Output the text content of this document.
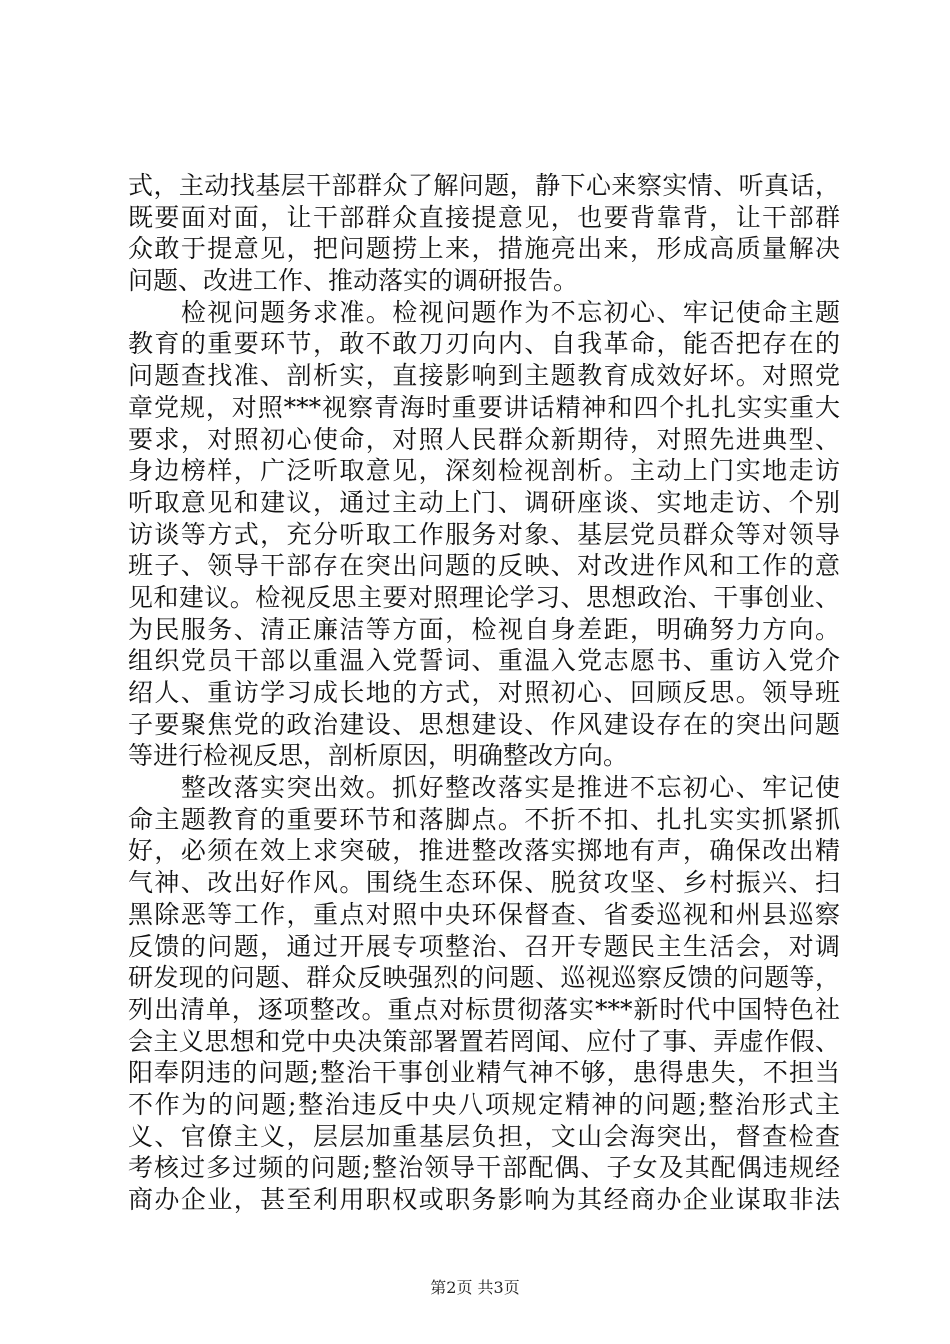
式，主动找基层干部群众了解问题，静下心来察实情、听真话，
既要面对面，让干部群众直接提意见，也要背靠背，让干部群
众敢于提意见，把问题捞上来，措施亮出来，形成高质量解决
问题、改进工作、推动落实的调研报告。
　　检视问题务求准。检视问题作为不忘初心、牢记使命主题
教育的重要环节，敢不敢刀刃向内、自我革命，能否把存在的
问题查找准、剖析实，直接影响到主题教育成效好坏。对照党
章党规，对照***视察青海时重要讲话精神和四个扎扎实实重大
要求，对照初心使命，对照人民群众新期待，对照先进典型、
身边榜样，广泛听取意见，深刻检视剖析。主动上门实地走访
听取意见和建议，通过主动上门、调研座谈、实地走访、个别
访谈等方式，充分听取工作服务对象、基层党员群众等对领导
班子、领导干部存在突出问题的反映、对改进作风和工作的意
见和建议。检视反思主要对照理论学习、思想政治、干事创业、
为民服务、清正廉洁等方面，检视自身差距，明确努力方向。
组织党员干部以重温入党誓词、重温入党志愿书、重访入党介
绍人、重访学习成长地的方式，对照初心、回顾反思。领导班
子要聚焦党的政治建设、思想建设、作风建设存在的突出问题
等进行检视反思，剖析原因，明确整改方向。
　　整改落实突出效。抓好整改落实是推进不忘初心、牢记使
命主题教育的重要环节和落脚点。不折不扣、扎扎实实抓紧抓
好，必须在效上求突破，推进整改落实掷地有声，确保改出精
气神、改出好作风。围绕生态环保、脱贫攻坚、乡村振兴、扫
黑除恶等工作，重点对照中央环保督查、省委巡视和州县巡察
反馈的问题，通过开展专项整治、召开专题民主生活会，对调
研发现的问题、群众反映强烈的问题、巡视巡察反馈的问题等，
列出清单，逐项整改。重点对标贯彻落实***新时代中国特色社
会主义思想和党中央决策部署置若罔闻、应付了事、弄虚作假、
阳奉阴违的问题;整治干事创业精气神不够，患得患失，不担当
不作为的问题;整治违反中央八项规定精神的问题;整治形式主
义、官僚主义，层层加重基层负担，文山会海突出，督查检查
考核过多过频的问题;整治领导干部配偶、子女及其配偶违规经
商办企业，甚至利用职权或职务影响为其经商办企业谋取非法
第2页 共3页
